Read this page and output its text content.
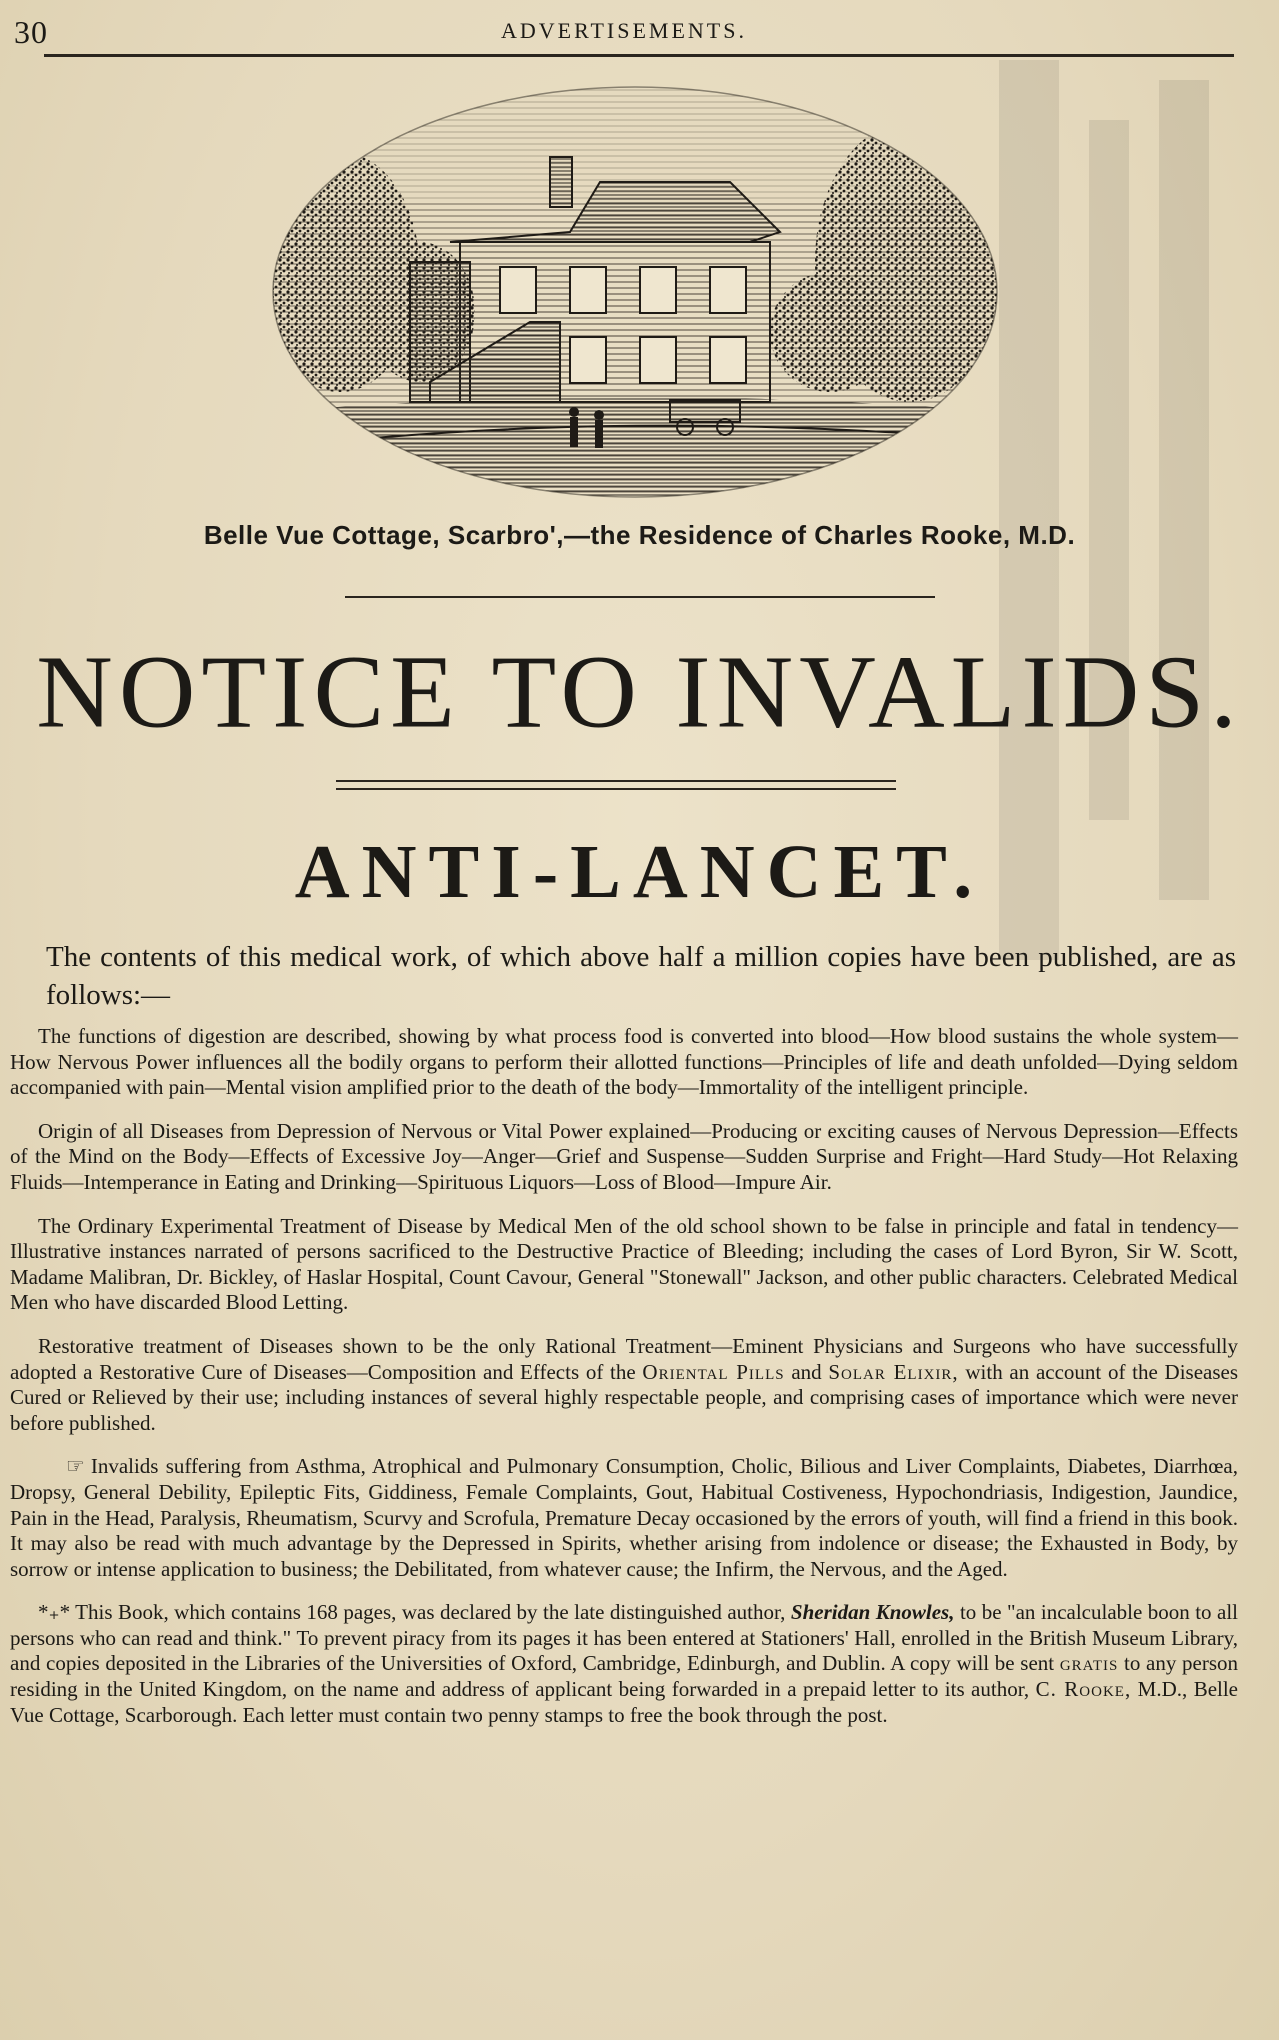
30	ADVERTISEMENTS.
Belle Vue Cottage, Scarbro',—the Residence of Charles Rooke, M.D.
NOTICE TO INVALIDS.
ANTI-LANCET.
The contents of this medical work, of which above half a million copies have been published, are as follows:—

The functions of digestion are described, showing by what process food is converted into blood—How blood sustains the whole system—How Nervous Power influences all the bodily organs to perform their allotted functions—Principles of life and death unfolded—Dying seldom accompanied with pain—Mental vision amplified prior to the death of the body—Immortality of the intelligent principle.

Origin of all Diseases from Depression of Nervous or Vital Power explained—Producing or exciting causes of Nervous Depression—Effects of the Mind on the Body—Effects of Excessive Joy—Anger—Grief and Suspense—Sudden Surprise and Fright—Hard Study—Hot Relaxing Fluids—Intemperance in Eating and Drinking—Spirituous Liquors—Loss of Blood—Impure Air.

The Ordinary Experimental Treatment of Disease by Medical Men of the old school shown to be false in principle and fatal in tendency—Illustrative instances narrated of persons sacrificed to the Destructive Practice of Bleeding; including the cases of Lord Byron, Sir W. Scott, Madame Malibran, Dr. Bickley, of Haslar Hospital, Count Cavour, General "Stonewall" Jackson, and other public characters. Celebrated Medical Men who have discarded Blood Letting.

Restorative treatment of Diseases shown to be the only Rational Treatment—Eminent Physicians and Surgeons who have successfully adopted a Restorative Cure of Diseases—Composition and Effects of the Oriental Pills and Solar Elixir, with an account of the Diseases Cured or Relieved by their use; including instances of several highly respectable people, and comprising cases of importance which were never before published.

☞ Invalids suffering from Asthma, Atrophical and Pulmonary Consumption, Cholic, Bilious and Liver Complaints, Diabetes, Diarrhœa, Dropsy, General Debility, Epileptic Fits, Giddiness, Female Complaints, Gout, Habitual Costiveness, Hypochondriasis, Indigestion, Jaundice, Pain in the Head, Paralysis, Rheumatism, Scurvy and Scrofula, Premature Decay occasioned by the errors of youth, will find a friend in this book. It may also be read with much advantage by the Depressed in Spirits, whether arising from indolence or disease; the Exhausted in Body, by sorrow or intense application to business; the Debilitated, from whatever cause; the Infirm, the Nervous, and the Aged.

*₊* This Book, which contains 168 pages, was declared by the late distinguished author, Sheridan Knowles, to be "an incalculable boon to all persons who can read and think." To prevent piracy from its pages it has been entered at Stationers' Hall, enrolled in the British Museum Library, and copies deposited in the Libraries of the Universities of Oxford, Cambridge, Edinburgh, and Dublin. A copy will be sent gratis to any person residing in the United Kingdom, on the name and address of applicant being forwarded in a prepaid letter to its author, C. Rooke, M.D., Belle Vue Cottage, Scarborough. Each letter must contain two penny stamps to free the book through the post.
